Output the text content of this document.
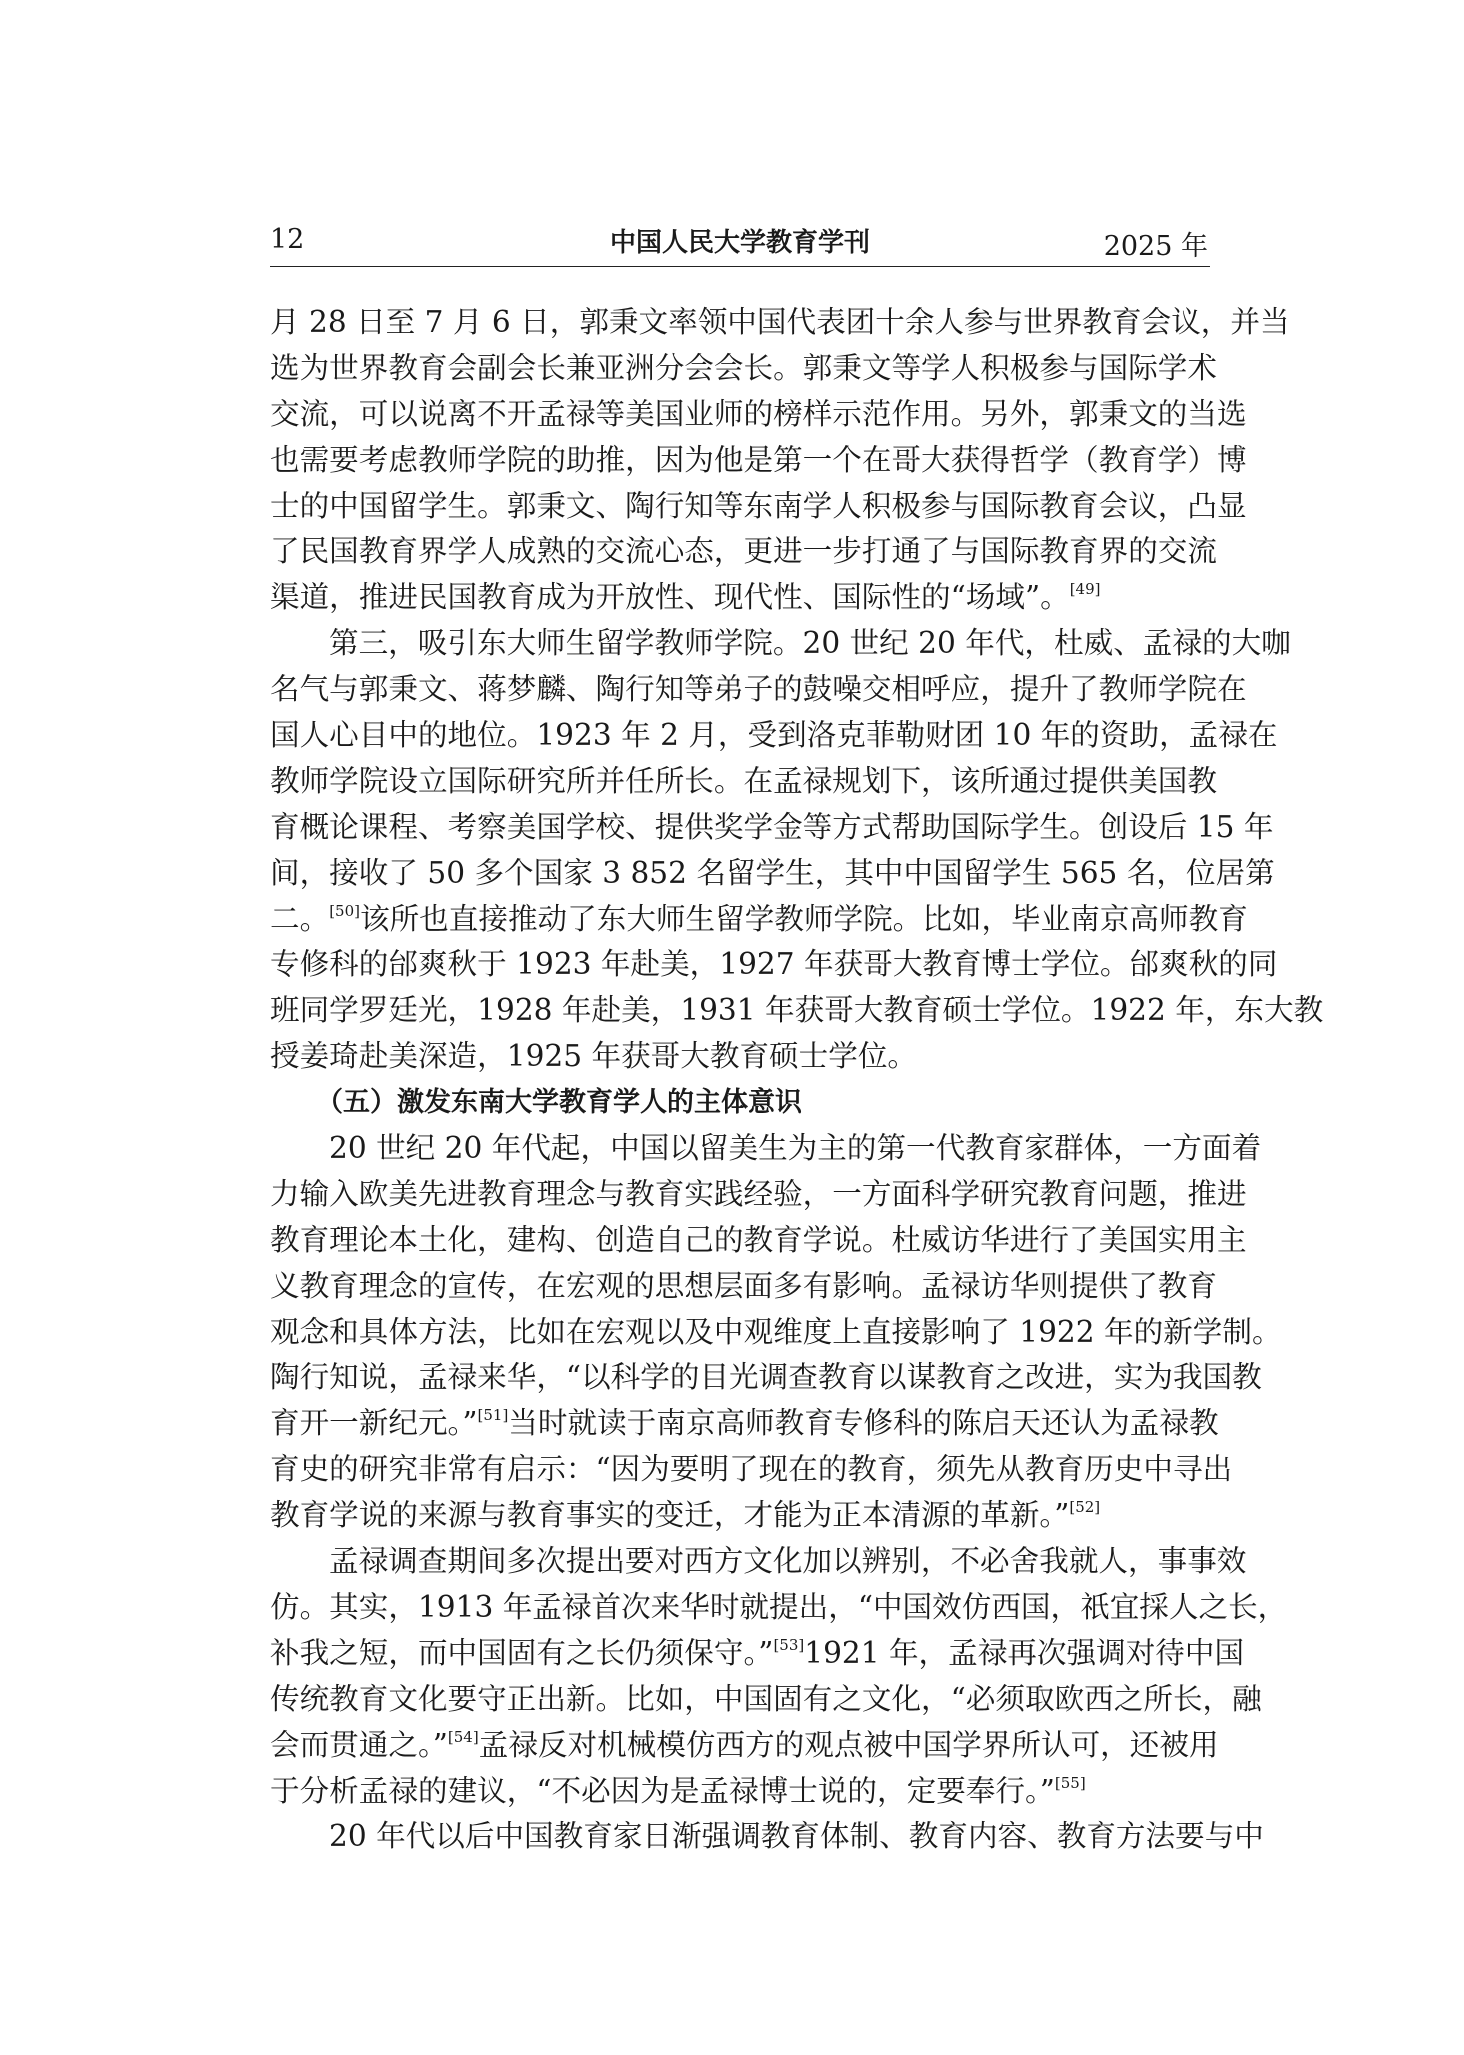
12	中国人民大学教育学刊	2025 年
月 28 日至 7 月 6 日，郭秉文率领中国代表团十余人参与世界教育会议，并当
选为世界教育会副会长兼亚洲分会会长。郭秉文等学人积极参与国际学术
交流，可以说离不开孟禄等美国业师的榜样示范作用。另外，郭秉文的当选
也需要考虑教师学院的助推，因为他是第一个在哥大获得哲学（教育学）博
士的中国留学生。郭秉文、陶行知等东南学人积极参与国际教育会议，凸显
了民国教育界学人成熟的交流心态，更进一步打通了与国际教育界的交流
渠道，推进民国教育成为开放性、现代性、国际性的“场域”。[49]
第三，吸引东大师生留学教师学院。20 世纪 20 年代，杜威、孟禄的大咖
名气与郭秉文、蒋梦麟、陶行知等弟子的鼓噪交相呼应，提升了教师学院在
国人心目中的地位。1923 年 2 月，受到洛克菲勒财团 10 年的资助，孟禄在
教师学院设立国际研究所并任所长。在孟禄规划下，该所通过提供美国教
育概论课程、考察美国学校、提供奖学金等方式帮助国际学生。创设后 15 年
间，接收了 50 多个国家 3 852 名留学生，其中中国留学生 565 名，位居第
二。[50]该所也直接推动了东大师生留学教师学院。比如，毕业南京高师教育
专修科的邰爽秋于 1923 年赴美，1927 年获哥大教育博士学位。邰爽秋的同
班同学罗廷光，1928 年赴美，1931 年获哥大教育硕士学位。1922 年，东大教
授姜琦赴美深造，1925 年获哥大教育硕士学位。
（五）激发东南大学教育学人的主体意识
20 世纪 20 年代起，中国以留美生为主的第一代教育家群体，一方面着
力输入欧美先进教育理念与教育实践经验，一方面科学研究教育问题，推进
教育理论本土化，建构、创造自己的教育学说。杜威访华进行了美国实用主
义教育理念的宣传，在宏观的思想层面多有影响。孟禄访华则提供了教育
观念和具体方法，比如在宏观以及中观维度上直接影响了 1922 年的新学制。
陶行知说，孟禄来华，“以科学的目光调查教育以谋教育之改进，实为我国教
育开一新纪元。”[51]当时就读于南京高师教育专修科的陈启天还认为孟禄教
育史的研究非常有启示：“因为要明了现在的教育，须先从教育历史中寻出
教育学说的来源与教育事实的变迁，才能为正本清源的革新。”[52]
孟禄调查期间多次提出要对西方文化加以辨别，不必舍我就人，事事效
仿。其实，1913 年孟禄首次来华时就提出，“中国效仿西国，祇宜採人之长，
补我之短，而中国固有之长仍须保守。”[53]1921 年，孟禄再次强调对待中国
传统教育文化要守正出新。比如，中国固有之文化，“必须取欧西之所长，融
会而贯通之。”[54]孟禄反对机械模仿西方的观点被中国学界所认可，还被用
于分析孟禄的建议，“不必因为是孟禄博士说的，定要奉行。”[55]
20 年代以后中国教育家日渐强调教育体制、教育内容、教育方法要与中
